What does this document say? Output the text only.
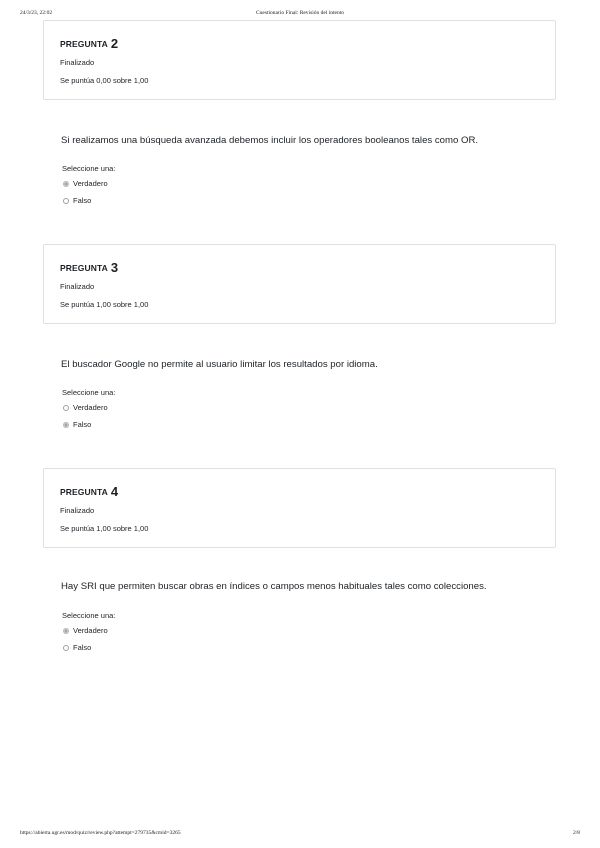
24/3/23, 22:02	Cuestionario Final: Revisión del intento
PREGUNTA 2
Finalizado
Se puntúa 0,00 sobre 1,00
Si realizamos una búsqueda avanzada debemos incluir los operadores booleanos tales como OR.
Seleccione una:
Verdadero
Falso
PREGUNTA 3
Finalizado
Se puntúa 1,00 sobre 1,00
El buscador Google no permite al usuario limitar los resultados por idioma.
Seleccione una:
Verdadero
Falso
PREGUNTA 4
Finalizado
Se puntúa 1,00 sobre 1,00
Hay SRI que permiten buscar obras en índices o campos menos habituales tales como colecciones.
Seleccione una:
Verdadero
Falso
https://abierta.ugr.es/mod/quiz/review.php?attempt=279735&cmid=3265	2/8
